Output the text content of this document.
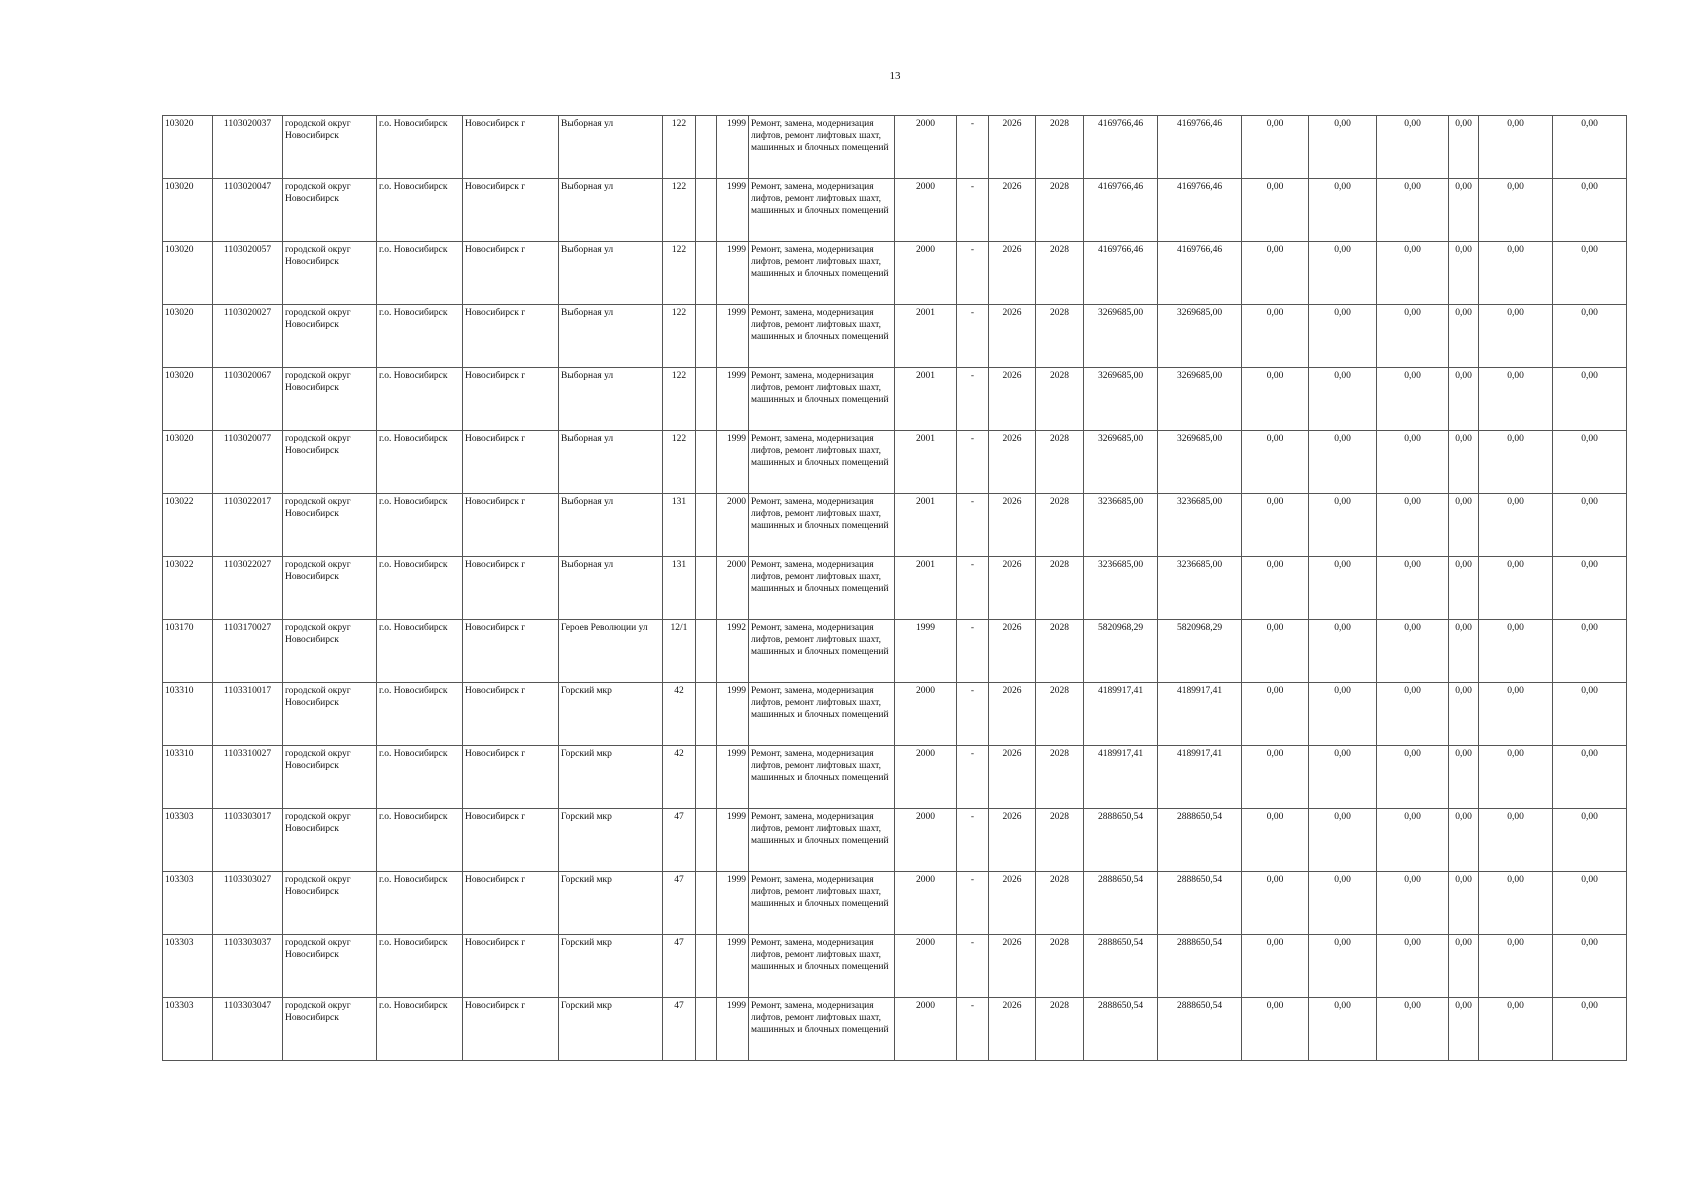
13
103020	1103020037	городской округ Новосибирск	г.о. Новосибирск	Новосибирск г	Выборная ул	122		1999	Ремонт, замена, модернизация лифтов, ремонт лифтовых шахт, машинных и блочных помещений	2000	-	2026	2028	4169766,46	4169766,46	0,00	0,00	0,00	0,00	0,00	0,00
103020	1103020047	городской округ Новосибирск	г.о. Новосибирск	Новосибирск г	Выборная ул	122		1999	Ремонт, замена, модернизация лифтов, ремонт лифтовых шахт, машинных и блочных помещений	2000	-	2026	2028	4169766,46	4169766,46	0,00	0,00	0,00	0,00	0,00	0,00
103020	1103020057	городской округ Новосибирск	г.о. Новосибирск	Новосибирск г	Выборная ул	122		1999	Ремонт, замена, модернизация лифтов, ремонт лифтовых шахт, машинных и блочных помещений	2000	-	2026	2028	4169766,46	4169766,46	0,00	0,00	0,00	0,00	0,00	0,00
103020	1103020027	городской округ Новосибирск	г.о. Новосибирск	Новосибирск г	Выборная ул	122		1999	Ремонт, замена, модернизация лифтов, ремонт лифтовых шахт, машинных и блочных помещений	2001	-	2026	2028	3269685,00	3269685,00	0,00	0,00	0,00	0,00	0,00	0,00
103020	1103020067	городской округ Новосибирск	г.о. Новосибирск	Новосибирск г	Выборная ул	122		1999	Ремонт, замена, модернизация лифтов, ремонт лифтовых шахт, машинных и блочных помещений	2001	-	2026	2028	3269685,00	3269685,00	0,00	0,00	0,00	0,00	0,00	0,00
103020	1103020077	городской округ Новосибирск	г.о. Новосибирск	Новосибирск г	Выборная ул	122		1999	Ремонт, замена, модернизация лифтов, ремонт лифтовых шахт, машинных и блочных помещений	2001	-	2026	2028	3269685,00	3269685,00	0,00	0,00	0,00	0,00	0,00	0,00
103022	1103022017	городской округ Новосибирск	г.о. Новосибирск	Новосибирск г	Выборная ул	131		2000	Ремонт, замена, модернизация лифтов, ремонт лифтовых шахт, машинных и блочных помещений	2001	-	2026	2028	3236685,00	3236685,00	0,00	0,00	0,00	0,00	0,00	0,00
103022	1103022027	городской округ Новосибирск	г.о. Новосибирск	Новосибирск г	Выборная ул	131		2000	Ремонт, замена, модернизация лифтов, ремонт лифтовых шахт, машинных и блочных помещений	2001	-	2026	2028	3236685,00	3236685,00	0,00	0,00	0,00	0,00	0,00	0,00
103170	1103170027	городской округ Новосибирск	г.о. Новосибирск	Новосибирск г	Героев Революции ул	12/1		1992	Ремонт, замена, модернизация лифтов, ремонт лифтовых шахт, машинных и блочных помещений	1999	-	2026	2028	5820968,29	5820968,29	0,00	0,00	0,00	0,00	0,00	0,00
103310	1103310017	городской округ Новосибирск	г.о. Новосибирск	Новосибирск г	Горский мкр	42		1999	Ремонт, замена, модернизация лифтов, ремонт лифтовых шахт, машинных и блочных помещений	2000	-	2026	2028	4189917,41	4189917,41	0,00	0,00	0,00	0,00	0,00	0,00
103310	1103310027	городской округ Новосибирск	г.о. Новосибирск	Новосибирск г	Горский мкр	42		1999	Ремонт, замена, модернизация лифтов, ремонт лифтовых шахт, машинных и блочных помещений	2000	-	2026	2028	4189917,41	4189917,41	0,00	0,00	0,00	0,00	0,00	0,00
103303	1103303017	городской округ Новосибирск	г.о. Новосибирск	Новосибирск г	Горский мкр	47		1999	Ремонт, замена, модернизация лифтов, ремонт лифтовых шахт, машинных и блочных помещений	2000	-	2026	2028	2888650,54	2888650,54	0,00	0,00	0,00	0,00	0,00	0,00
103303	1103303027	городской округ Новосибирск	г.о. Новосибирск	Новосибирск г	Горский мкр	47		1999	Ремонт, замена, модернизация лифтов, ремонт лифтовых шахт, машинных и блочных помещений	2000	-	2026	2028	2888650,54	2888650,54	0,00	0,00	0,00	0,00	0,00	0,00
103303	1103303037	городской округ Новосибирск	г.о. Новосибирск	Новосибирск г	Горский мкр	47		1999	Ремонт, замена, модернизация лифтов, ремонт лифтовых шахт, машинных и блочных помещений	2000	-	2026	2028	2888650,54	2888650,54	0,00	0,00	0,00	0,00	0,00	0,00
103303	1103303047	городской округ Новосибирск	г.о. Новосибирск	Новосибирск г	Горский мкр	47		1999	Ремонт, замена, модернизация лифтов, ремонт лифтовых шахт, машинных и блочных помещений	2000	-	2026	2028	2888650,54	2888650,54	0,00	0,00	0,00	0,00	0,00	0,00
